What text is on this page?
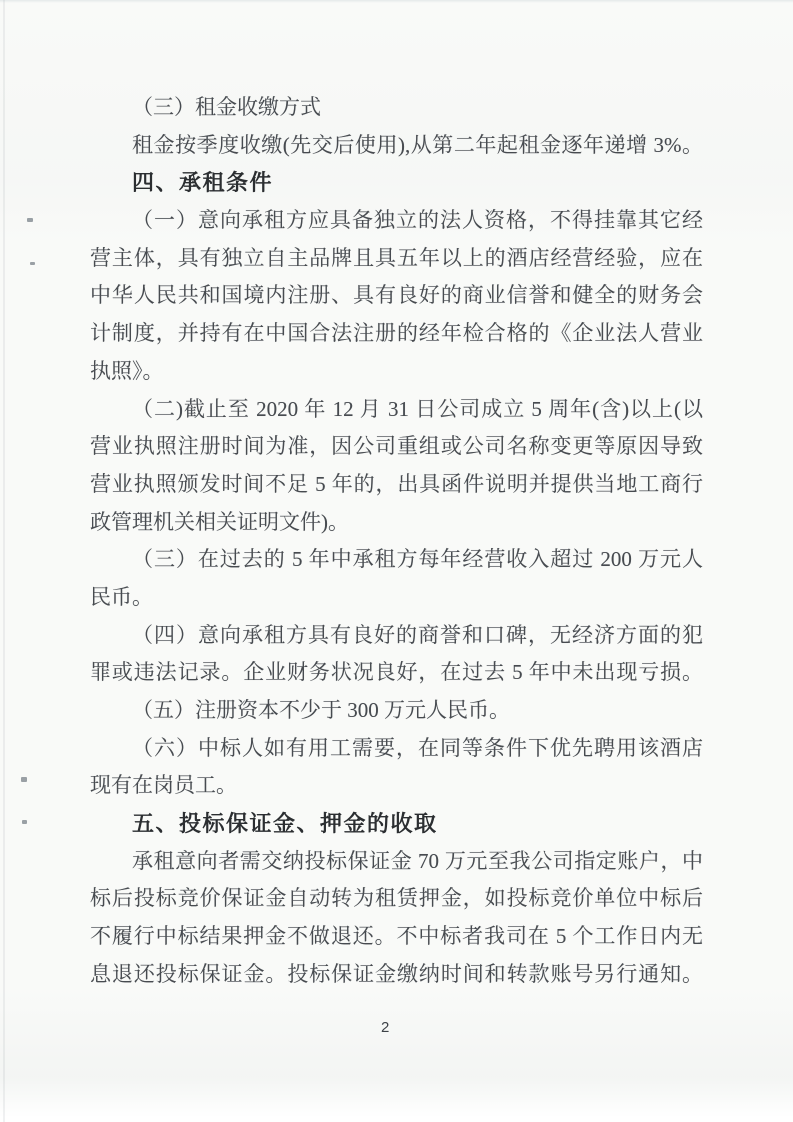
（三）租金收缴方式
租金按季度收缴(先交后使用),从第二年起租金逐年递增 3%。
四、承租条件
（一）意向承租方应具备独立的法人资格，不得挂靠其它经
营主体，具有独立自主品牌且具五年以上的酒店经营经验，应在
中华人民共和国境内注册、具有良好的商业信誉和健全的财务会
计制度，并持有在中国合法注册的经年检合格的《企业法人营业
执照》。
（二)截止至 2020 年 12 月 31 日公司成立 5 周年(含)以上(以
营业执照注册时间为准，因公司重组或公司名称变更等原因导致
营业执照颁发时间不足 5 年的，出具函件说明并提供当地工商行
政管理机关相关证明文件)。
（三）在过去的 5 年中承租方每年经营收入超过 200 万元人
民币。
（四）意向承租方具有良好的商誉和口碑，无经济方面的犯
罪或违法记录。企业财务状况良好，在过去 5 年中未出现亏损。
（五）注册资本不少于 300 万元人民币。
（六）中标人如有用工需要，在同等条件下优先聘用该酒店
现有在岗员工。
五、投标保证金、押金的收取
承租意向者需交纳投标保证金 70 万元至我公司指定账户，中
标后投标竞价保证金自动转为租赁押金，如投标竞价单位中标后
不履行中标结果押金不做退还。不中标者我司在 5 个工作日内无
息退还投标保证金。投标保证金缴纳时间和转款账号另行通知。
2
